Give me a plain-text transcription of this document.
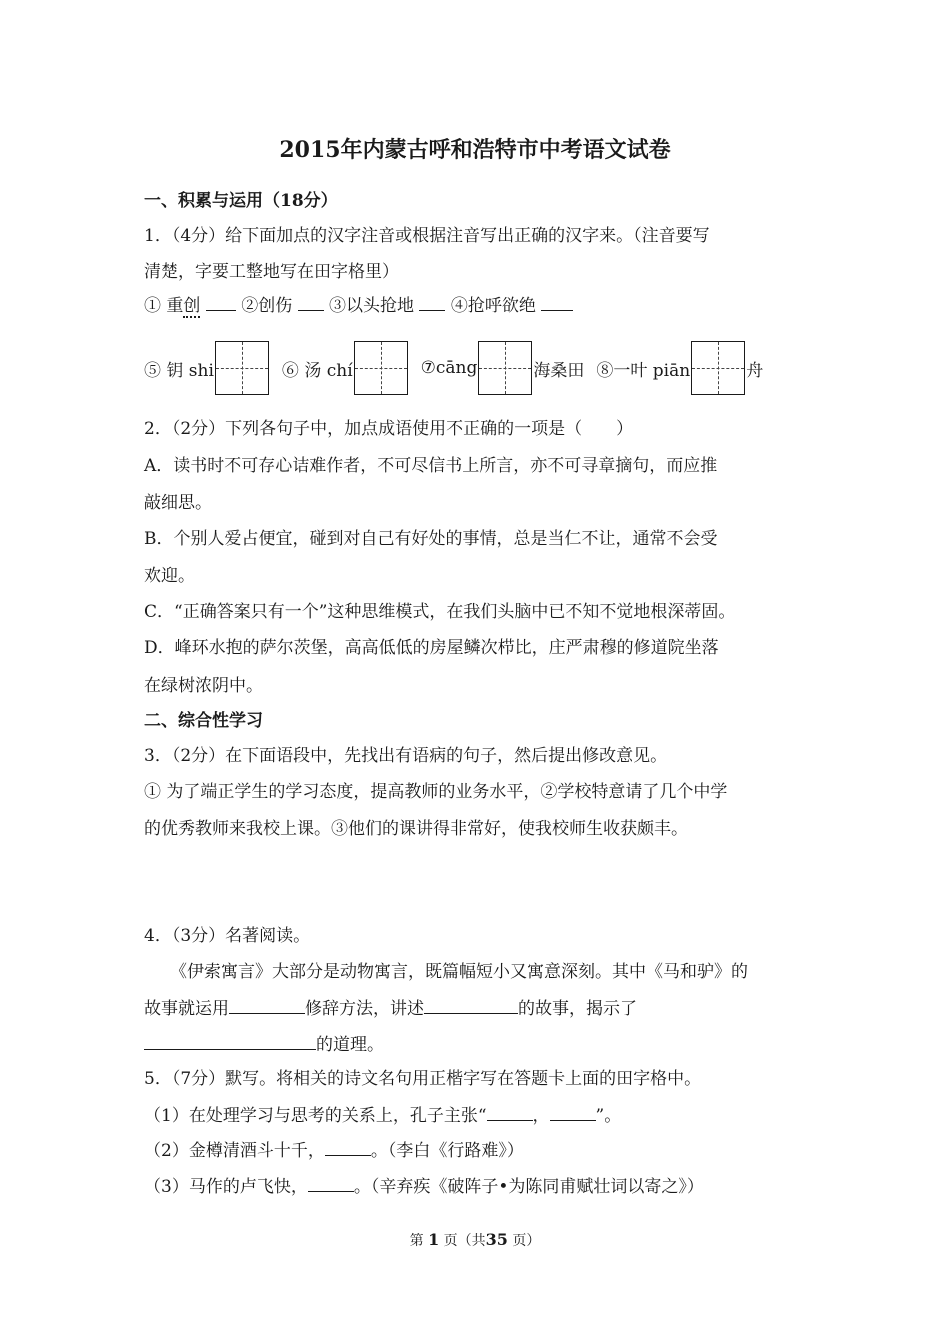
2015年内蒙古呼和浩特市中考语文试卷
一、积累与运用（18分）
1．（4分）给下面加点的汉字注音或根据注音写出正确的汉字来。（注音要写
清楚，字要工整地写在田字格里）
① 重创 ②创伤 ③以头抢地 ④抢呼欲绝
⑤ 钥 shi	⑥ 汤 chí	⑦cāng	海桑田 ⑧一叶 piān	舟
2．（2分）下列各句子中，加点成语使用不正确的一项是（　　）
A．读书时不可存心诘难作者，不可尽信书上所言，亦不可寻章摘句，而应推
敲细思。
B．个别人爱占便宜，碰到对自己有好处的事情，总是当仁不让，通常不会受
欢迎。
C．“正确答案只有一个”这种思维模式，在我们头脑中已不知不觉地根深蒂固。
D．峰环水抱的萨尔茨堡，高高低低的房屋鳞次栉比，庄严肃穆的修道院坐落
在绿树浓阴中。
二、综合性学习
3．（2分）在下面语段中，先找出有语病的句子，然后提出修改意见。
① 为了端正学生的学习态度，提高教师的业务水平，②学校特意请了几个中学
的优秀教师来我校上课。③他们的课讲得非常好，使我校师生收获颇丰。
4．（3分）名著阅读。
《伊索寓言》大部分是动物寓言，既篇幅短小又寓意深刻。其中《马和驴》的
故事就运用	修辞方法，讲述	的故事，揭示了
的道理。
5．（7分）默写。将相关的诗文名句用正楷字写在答题卡上面的田字格中。
（1）在处理学习与思考的关系上，孔子主张“	，	”。
（2）金樽清酒斗十千，	。（李白《行路难》）
（3）马作的卢飞快，	。（辛弃疾《破阵子•为陈同甫赋壮词以寄之》）
第 1 页（共35 页）
